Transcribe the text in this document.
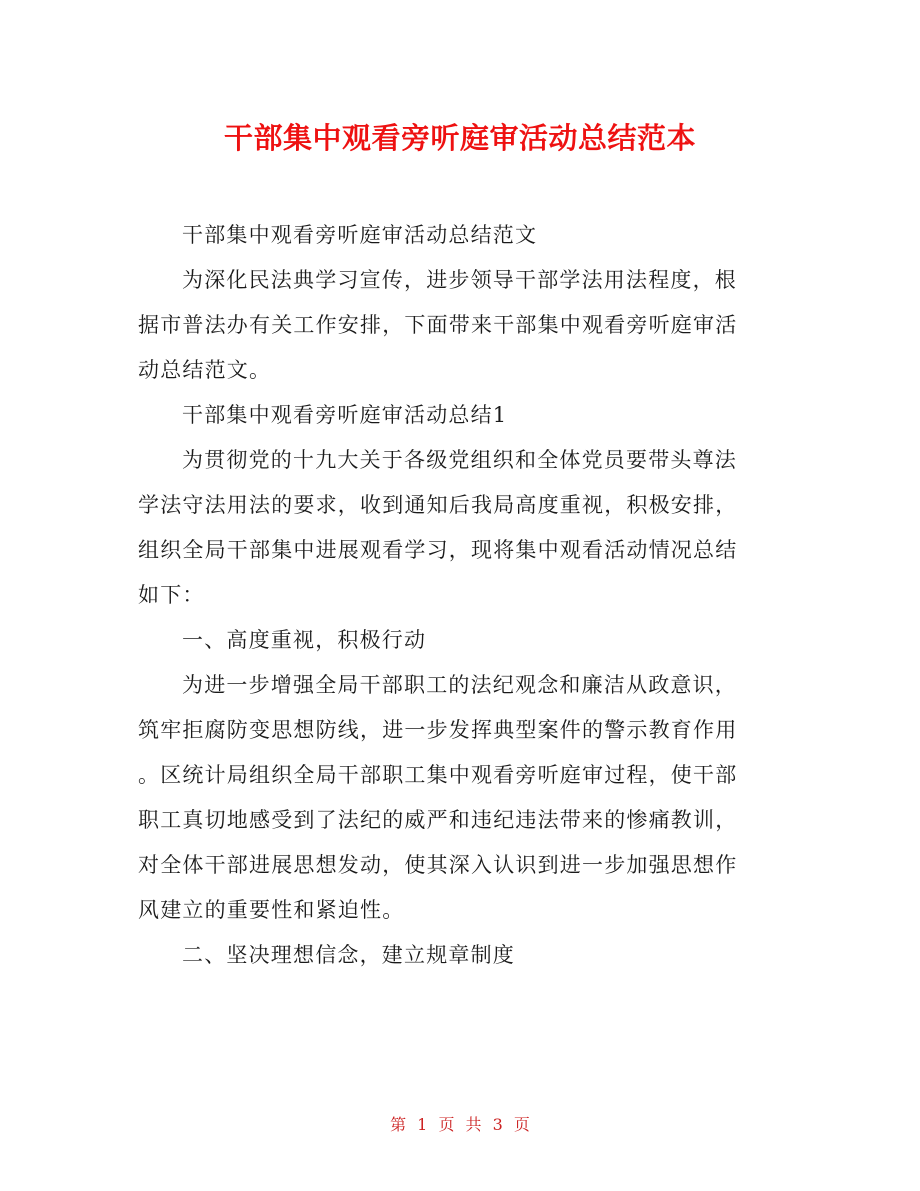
干部集中观看旁听庭审活动总结范本
干部集中观看旁听庭审活动总结范文
为深化民法典学习宣传，进步领导干部学法用法程度，根
据市普法办有关工作安排，下面带来干部集中观看旁听庭审活
动总结范文。
干部集中观看旁听庭审活动总结1
为贯彻党的十九大关于各级党组织和全体党员要带头尊法
学法守法用法的要求，收到通知后我局高度重视，积极安排，
组织全局干部集中进展观看学习，现将集中观看活动情况总结
如下：
一、高度重视，积极行动
为进一步增强全局干部职工的法纪观念和廉洁从政意识，
筑牢拒腐防变思想防线，进一步发挥典型案件的警示教育作用
。区统计局组织全局干部职工集中观看旁听庭审过程，使干部
职工真切地感受到了法纪的威严和违纪违法带来的惨痛教训，
对全体干部进展思想发动，使其深入认识到进一步加强思想作
风建立的重要性和紧迫性。
二、坚决理想信念，建立规章制度
第 1 页 共 3 页
